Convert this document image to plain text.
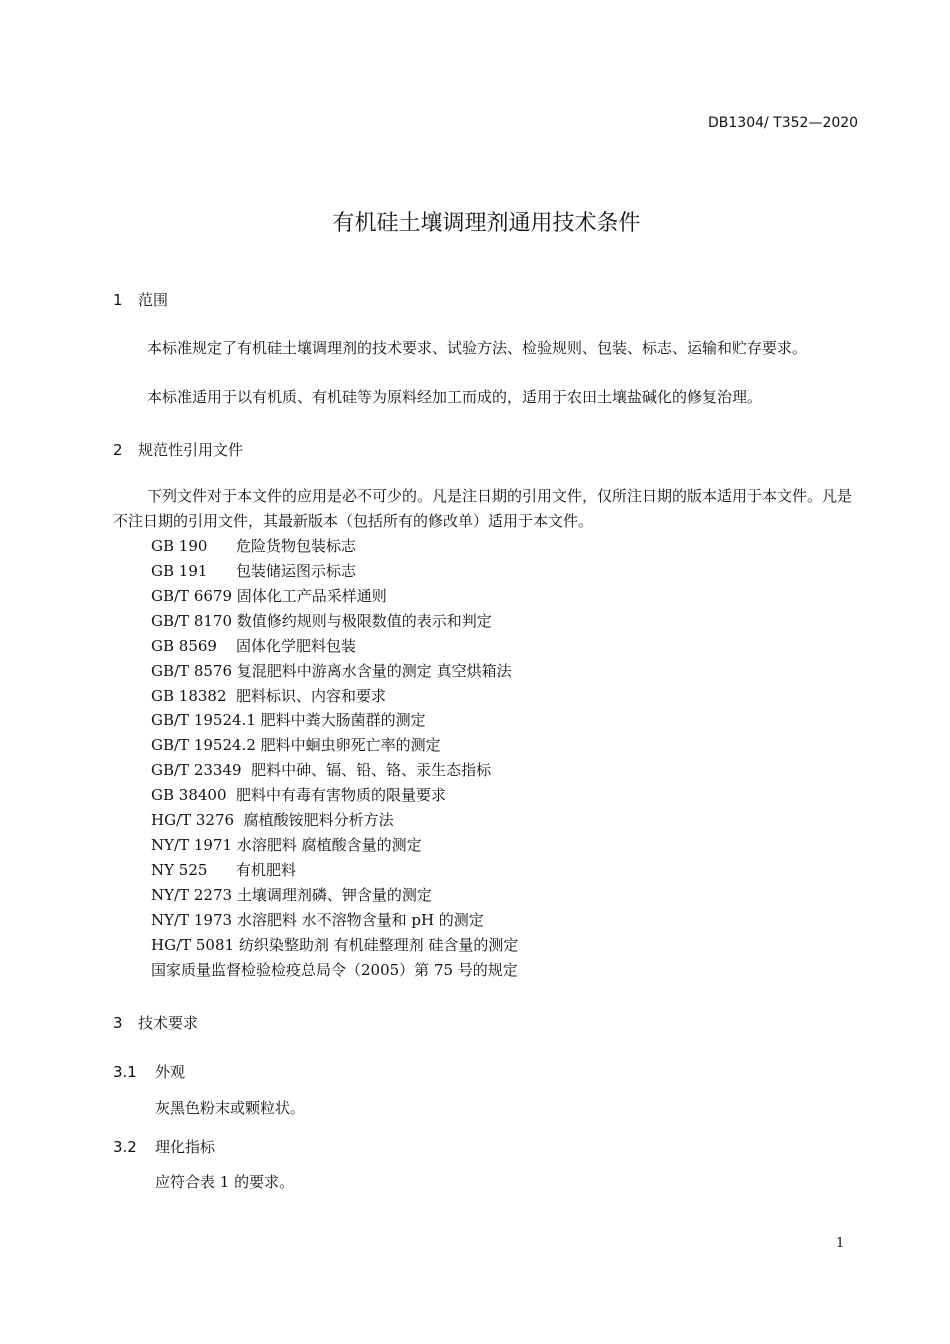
DB1304/ T352—2020
有机硅土壤调理剂通用技术条件
1 范围
本标准规定了有机硅土壤调理剂的技术要求、试验方法、检验规则、包装、标志、运输和贮存要求。
本标准适用于以有机质、有机硅等为原料经加工而成的，适用于农田土壤盐碱化的修复治理。
2 规范性引用文件
下列文件对于本文件的应用是必不可少的。凡是注日期的引用文件，仅所注日期的版本适用于本文件。凡是不注日期的引用文件，其最新版本（包括所有的修改单）适用于本文件。
GB 190 危险货物包装标志
GB 191 包装储运图示标志
GB/T 6679 固体化工产品采样通则
GB/T 8170 数值修约规则与极限数值的表示和判定
GB 8569 固体化学肥料包装
GB/T 8576 复混肥料中游离水含量的测定 真空烘箱法
GB 18382 肥料标识、内容和要求
GB/T 19524.1 肥料中粪大肠菌群的测定
GB/T 19524.2 肥料中蛔虫卵死亡率的测定
GB/T 23349 肥料中砷、镉、铅、铬、汞生态指标
GB 38400 肥料中有毒有害物质的限量要求
HG/T 3276 腐植酸铵肥料分析方法
NY/T 1971 水溶肥料 腐植酸含量的测定
NY 525 有机肥料
NY/T 2273 土壤调理剂磷、钾含量的测定
NY/T 1973 水溶肥料 水不溶物含量和 pH 的测定
HG/T 5081 纺织染整助剂 有机硅整理剂 硅含量的测定
国家质量监督检验检疫总局令（2005）第 75 号的规定
3 技术要求
3.1 外观
灰黑色粉末或颗粒状。
3.2 理化指标
应符合表 1 的要求。
1
